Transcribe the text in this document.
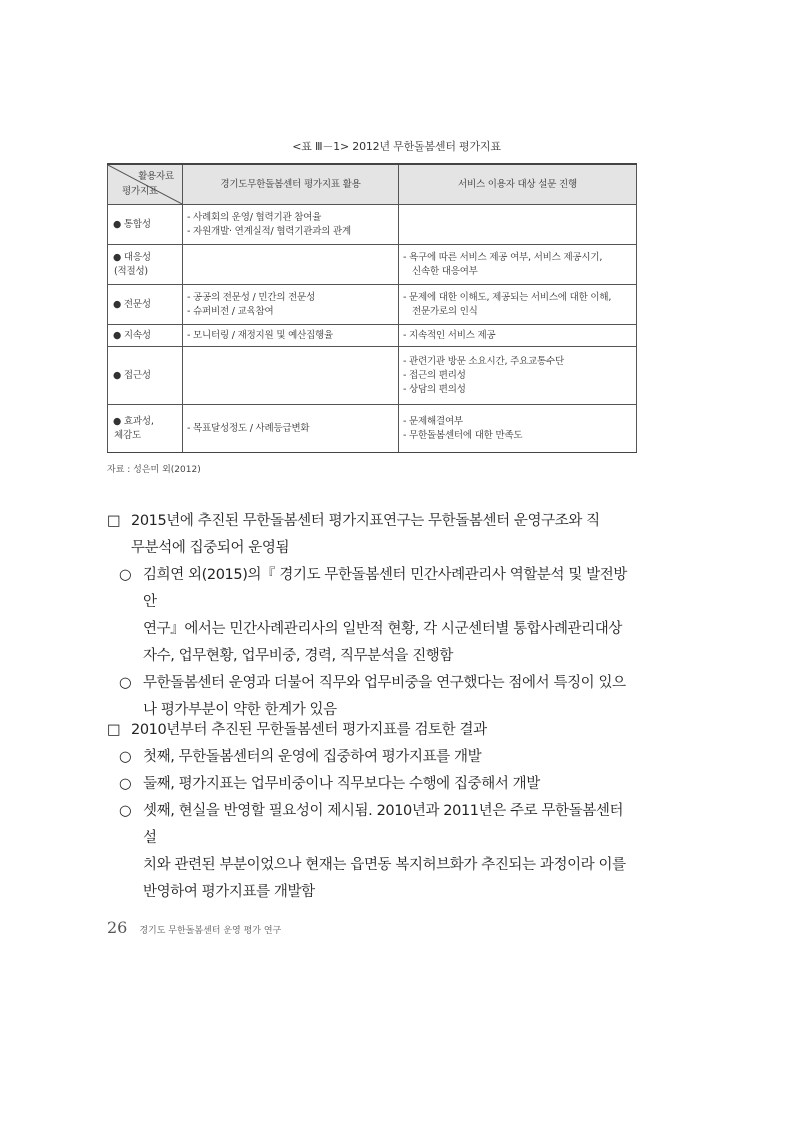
<표 Ⅲ－1> 2012년 무한돌봄센터 평가지표
활용자료
평가지표	경기도무한돌봄센터 평가지표 활용	서비스 이용자 대상 설문 진행

● 통합성	- 사례회의 운영/ 협력기관 참여율
- 자원개발· 연계실적/ 협력기관과의 관계	

● 대응성
(적절성)		- 욕구에 따른 서비스 제공 여부, 서비스 제공시기,
신속한 대응여부

● 전문성	- 공공의 전문성 / 민간의 전문성
- 슈퍼비전 / 교육참여	- 문제에 대한 이해도, 제공되는 서비스에 대한 이해,
전문가로의 인식

● 지속성	- 모니터링 / 재정지원 및 예산집행율	- 지속적인 서비스 제공

● 접근성		- 관련기관 방문 소요시간, 주요교통수단
- 접근의 편리성
- 상담의 편의성

● 효과성,
체감도	- 목표달성정도 / 사례등급변화	- 문제해결여부
- 무한돌봄센터에 대한 만족도
자료 : 성은미 외(2012)
□ 2015년에 추진된 무한돌봄센터 평가지표연구는 무한돌봄센터 운영구조와 직
무분석에 집중되어 운영됨
○ 김희연 외(2015)의『 경기도 무한돌봄센터 민간사례관리사 역할분석 및 발전방안
연구』에서는 민간사례관리사의 일반적 현황, 각 시군센터별 통합사례관리대상
자수, 업무현황, 업무비중, 경력, 직무분석을 진행함
○ 무한돌봄센터 운영과 더불어 직무와 업무비중을 연구했다는 점에서 특징이 있으
나 평가부분이 약한 한계가 있음
□ 2010년부터 추진된 무한돌봄센터 평가지표를 검토한 결과
○ 첫째, 무한돌봄센터의 운영에 집중하여 평가지표를 개발
○ 둘째, 평가지표는 업무비중이나 직무보다는 수행에 집중해서 개발
○ 셋째, 현실을 반영할 필요성이 제시됨. 2010년과 2011년은 주로 무한돌봄센터 설
치와 관련된 부분이었으나 현재는 읍면동 복지허브화가 추진되는 과정이라 이를
반영하여 평가지표를 개발함
26 경기도 무한돌봄센터 운영 평가 연구
